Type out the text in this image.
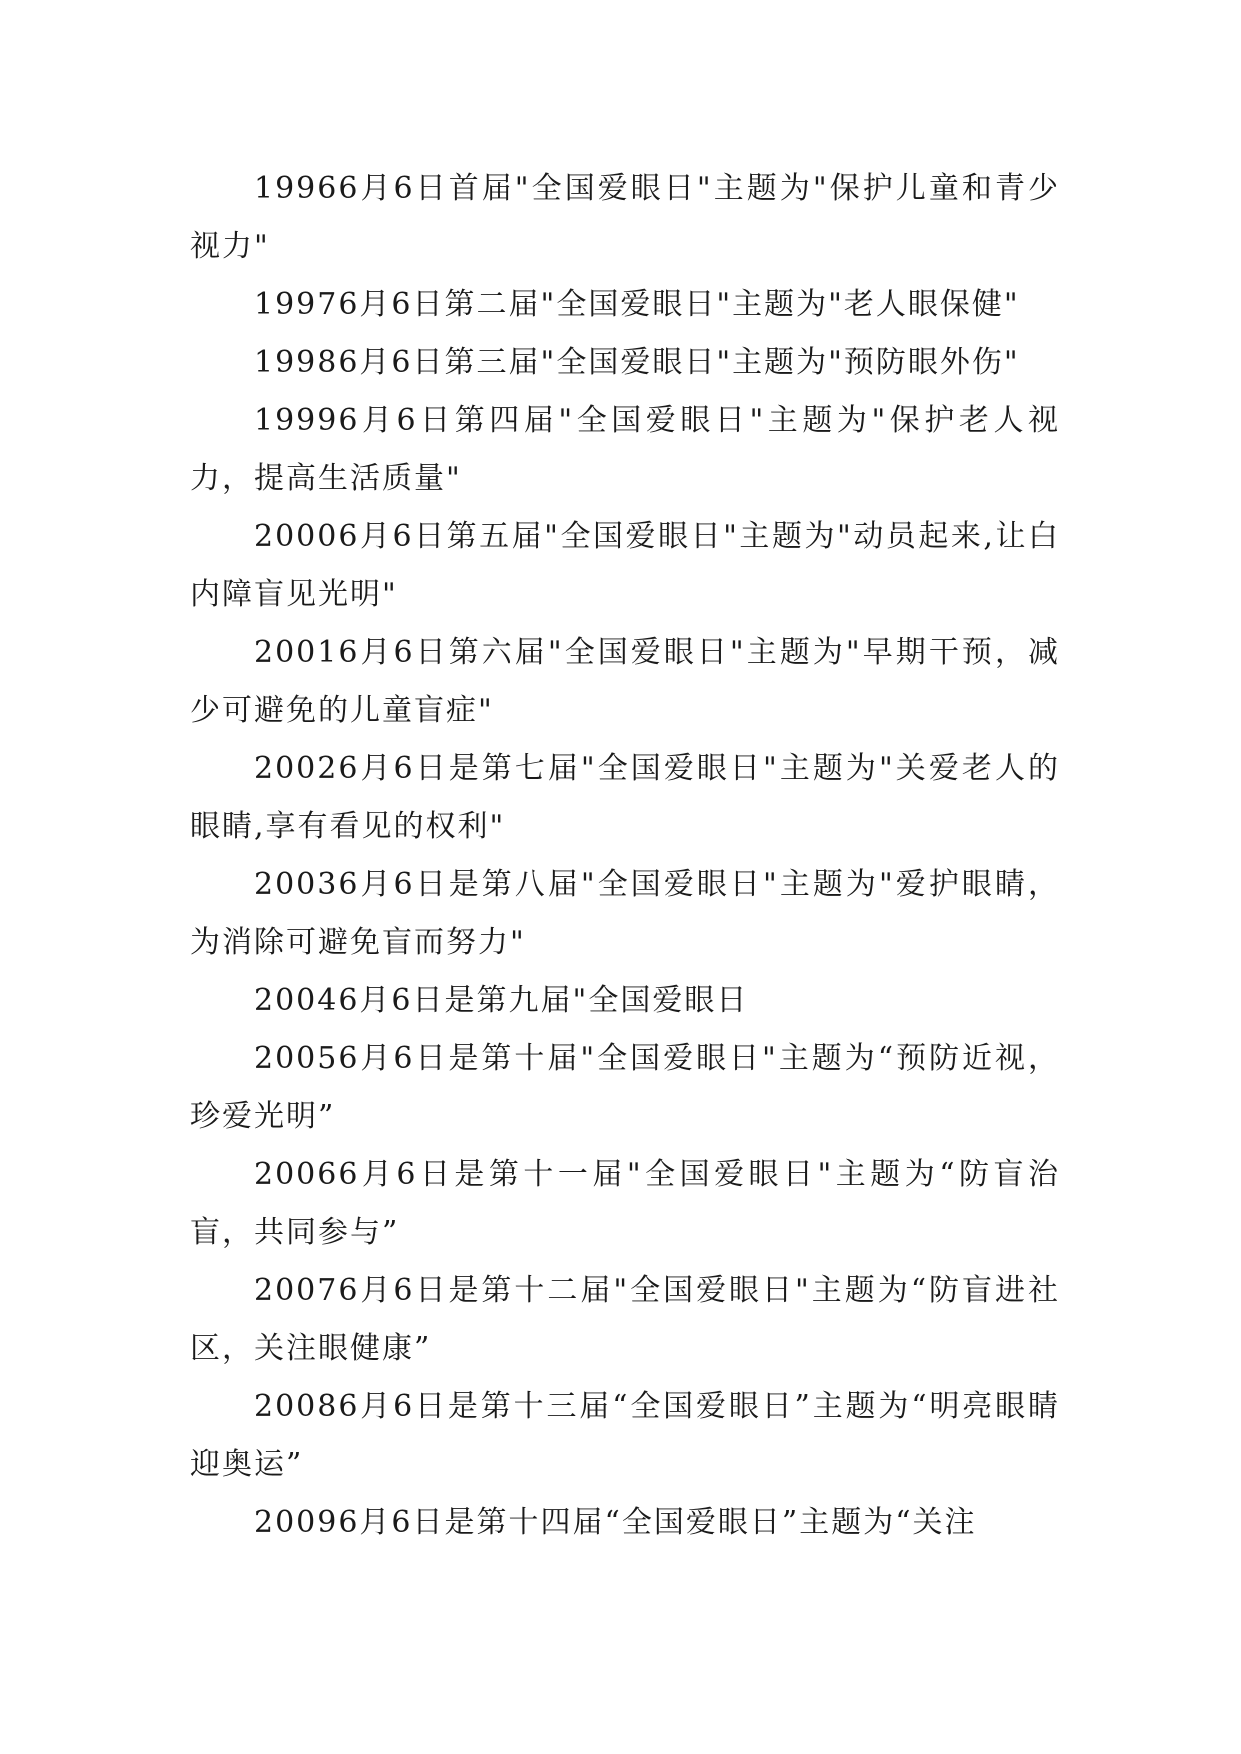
19966月6日首届"全国爱眼日"主题为"保护儿童和青少视力"

19976月6日第二届"全国爱眼日"主题为"老人眼保健"

19986月6日第三届"全国爱眼日"主题为"预防眼外伤"

19996月6日第四届"全国爱眼日"主题为"保护老人视力，提高生活质量"

20006月6日第五届"全国爱眼日"主题为"动员起来,让白内障盲见光明"

20016月6日第六届"全国爱眼日"主题为"早期干预，减少可避免的儿童盲症"

20026月6日是第七届"全国爱眼日"主题为"关爱老人的眼睛,享有看见的权利"

20036月6日是第八届"全国爱眼日"主题为"爱护眼睛，为消除可避免盲而努力"

20046月6日是第九届"全国爱眼日

20056月6日是第十届"全国爱眼日"主题为“预防近视，珍爱光明”

20066月6日是第十一届"全国爱眼日"主题为“防盲治盲，共同参与”

20076月6日是第十二届"全国爱眼日"主题为“防盲进社区，关注眼健康”

20086月6日是第十三届“全国爱眼日”主题为“明亮眼睛迎奥运”

20096月6日是第十四届“全国爱眼日”主题为“关注
